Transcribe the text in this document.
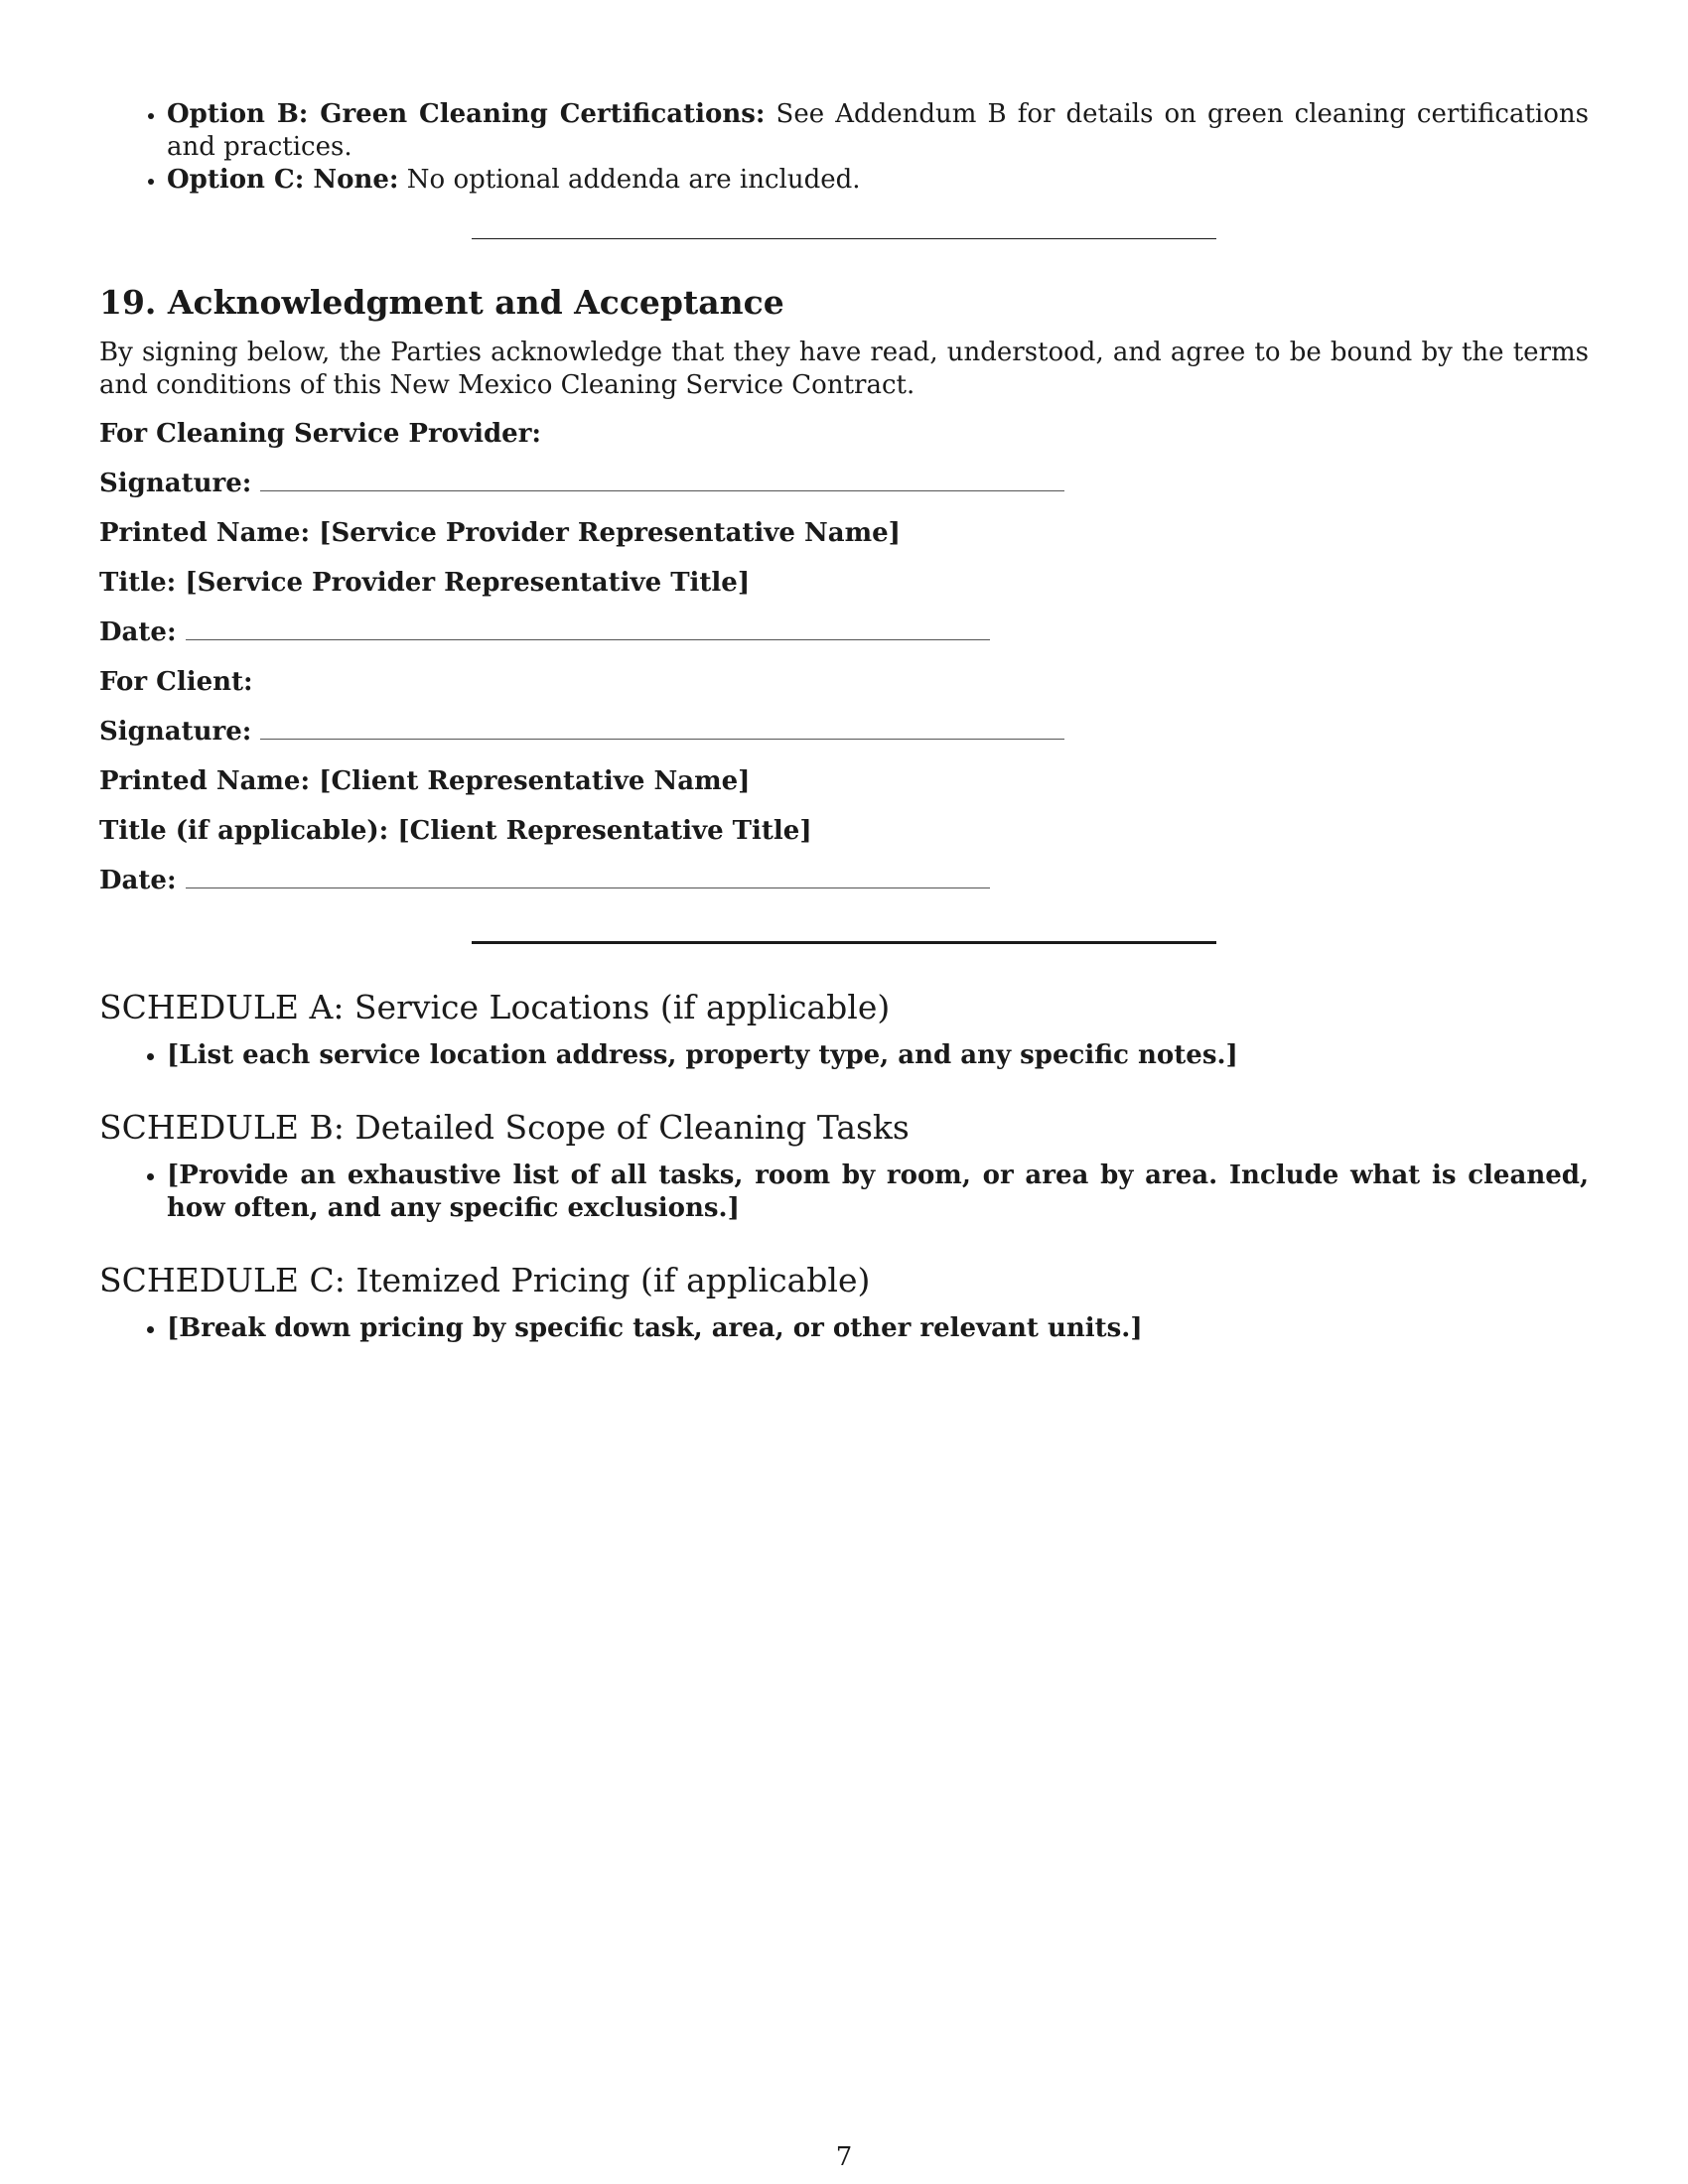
• Option B: Green Cleaning Certifications: See Addendum B for details on green cleaning certifications and practices.
• Option C: None: No optional addenda are included.
19. Acknowledgment and Acceptance
By signing below, the Parties acknowledge that they have read, understood, and agree to be bound by the terms and conditions of this New Mexico Cleaning Service Contract.
For Cleaning Service Provider:
Signature:
Printed Name: [Service Provider Representative Name]
Title: [Service Provider Representative Title]
Date:
For Client:
Signature:
Printed Name: [Client Representative Name]
Title (if applicable): [Client Representative Title]
Date:
SCHEDULE A: Service Locations (if applicable)
• [List each service location address, property type, and any specific notes.]
SCHEDULE B: Detailed Scope of Cleaning Tasks
• [Provide an exhaustive list of all tasks, room by room, or area by area. Include what is cleaned, how often, and any specific exclusions.]
SCHEDULE C: Itemized Pricing (if applicable)
• [Break down pricing by specific task, area, or other relevant units.]
7
